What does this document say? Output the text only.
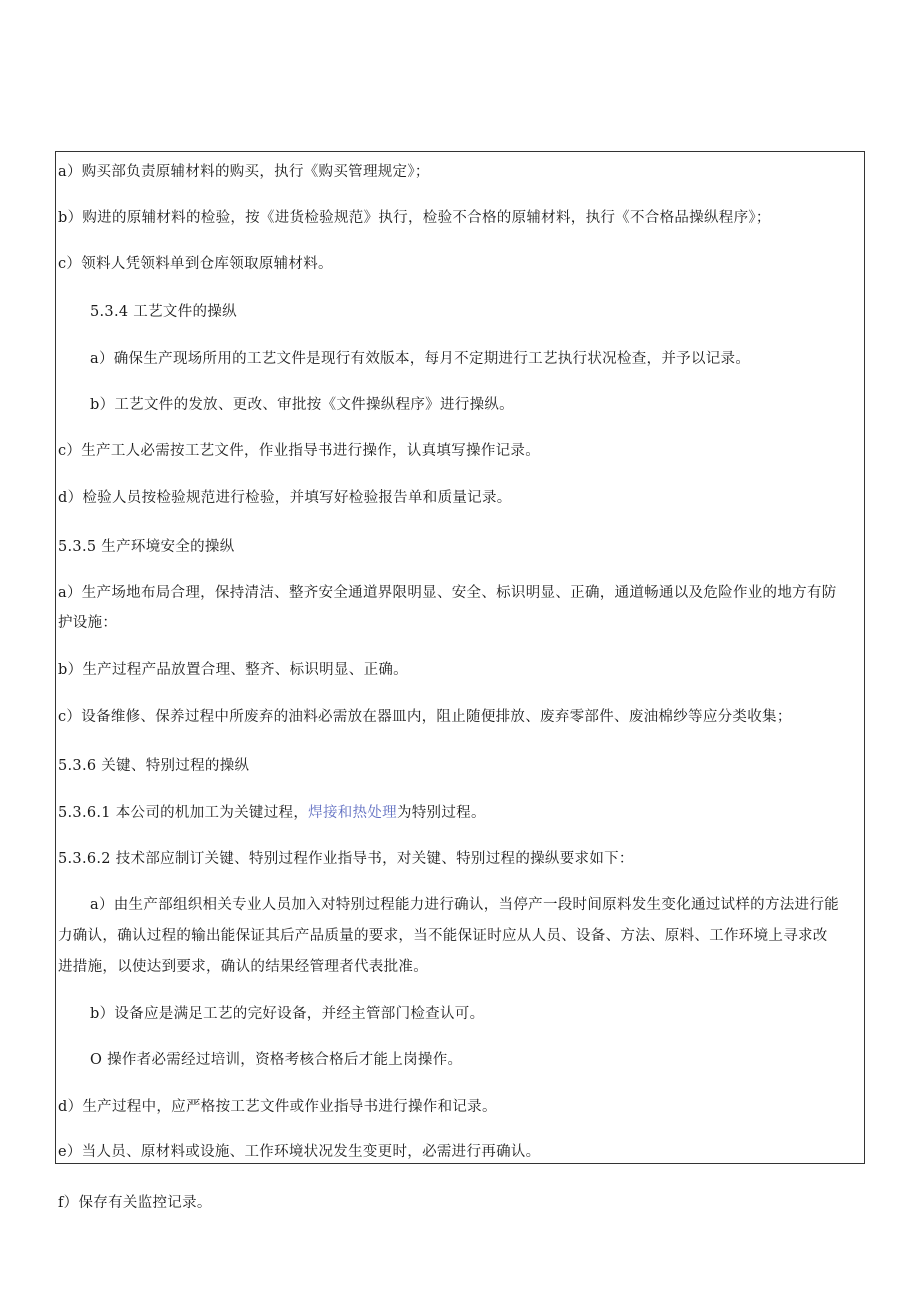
a）购买部负责原辅材料的购买，执行《购买管理规定》；
b）购进的原辅材料的检验，按《进货检验规范》执行，检验不合格的原辅材料，执行《不合格品操纵程序》；
c）领料人凭领料单到仓库领取原辅材料。
5.3.4 工艺文件的操纵
a）确保生产现场所用的工艺文件是现行有效版本，每月不定期进行工艺执行状况检查，并予以记录。
b）工艺文件的发放、更改、审批按《文件操纵程序》进行操纵。
c）生产工人必需按工艺文件，作业指导书进行操作，认真填写操作记录。
d）检验人员按检验规范进行检验，并填写好检验报告单和质量记录。
5.3.5 生产环境安全的操纵
a）生产场地布局合理，保持清洁、整齐安全通道界限明显、安全、标识明显、正确，通道畅通以及危险作业的地方有防
护设施：
b）生产过程产品放置合理、整齐、标识明显、正确。
c）设备维修、保养过程中所废弃的油料必需放在器皿内，阻止随便排放、废弃零部件、废油棉纱等应分类收集；
5.3.6 关键、特别过程的操纵
5.3.6.1 本公司的机加工为关键过程，焊接和热处理为特别过程。
5.3.6.2 技术部应制订关键、特别过程作业指导书，对关键、特别过程的操纵要求如下：
a）由生产部组织相关专业人员加入对特别过程能力进行确认，当停产一段时间原料发生变化通过试样的方法进行能
力确认，确认过程的输出能保证其后产品质量的要求，当不能保证时应从人员、设备、方法、原料、工作环境上寻求改
进措施，以使达到要求，确认的结果经管理者代表批准。
b）设备应是满足工艺的完好设备，并经主管部门检查认可。
O 操作者必需经过培训，资格考核合格后才能上岗操作。
d）生产过程中，应严格按工艺文件或作业指导书进行操作和记录。
e）当人员、原材料或设施、工作环境状况发生变更时，必需进行再确认。
f）保存有关监控记录。
